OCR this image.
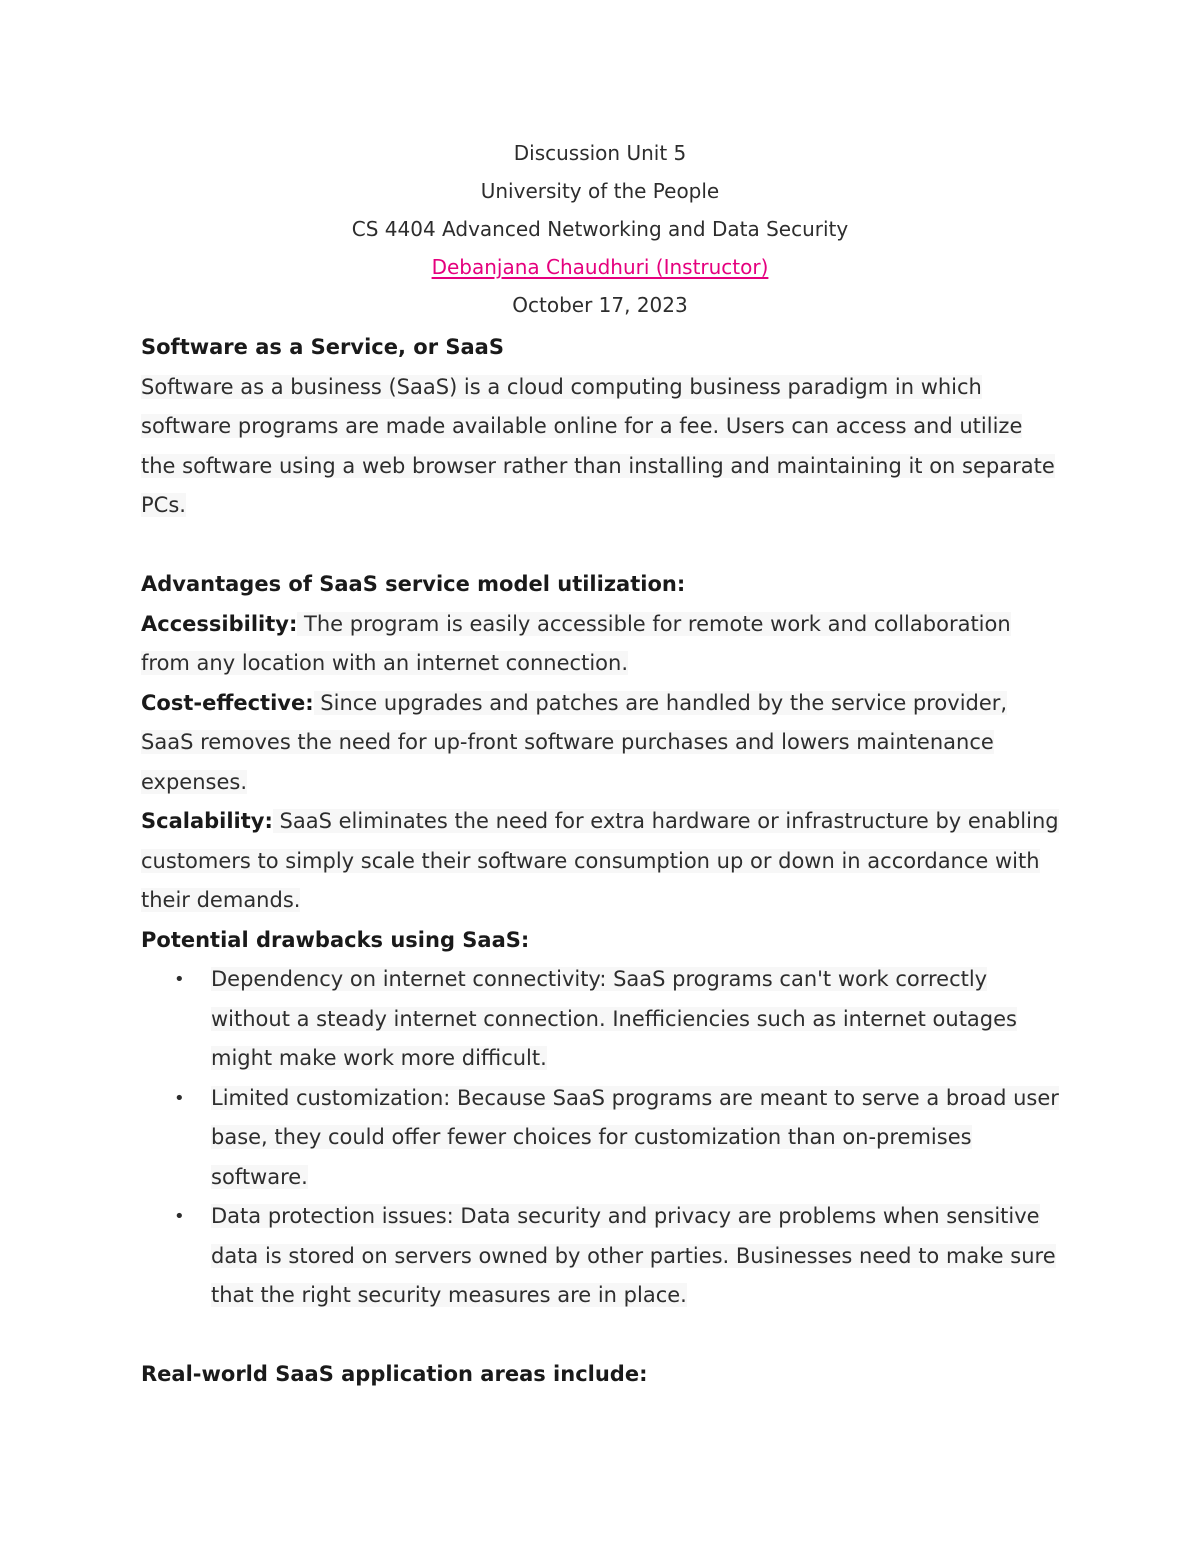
Discussion Unit 5
University of the People
CS 4404 Advanced Networking and Data Security
Debanjana Chaudhuri (Instructor)
October 17, 2023

Software as a Service, or SaaS

Software as a business (SaaS) is a cloud computing business paradigm in which software programs are made available online for a fee. Users can access and utilize the software using a web browser rather than installing and maintaining it on separate PCs.

Advantages of SaaS service model utilization:

Accessibility: The program is easily accessible for remote work and collaboration from any location with an internet connection.

Cost-effective: Since upgrades and patches are handled by the service provider, SaaS removes the need for up-front software purchases and lowers maintenance expenses.

Scalability: SaaS eliminates the need for extra hardware or infrastructure by enabling customers to simply scale their software consumption up or down in accordance with their demands.

Potential drawbacks using SaaS:

• Dependency on internet connectivity: SaaS programs can't work correctly without a steady internet connection. Inefficiencies such as internet outages might make work more difficult.
• Limited customization: Because SaaS programs are meant to serve a broad user base, they could offer fewer choices for customization than on-premises software.
• Data protection issues: Data security and privacy are problems when sensitive data is stored on servers owned by other parties. Businesses need to make sure that the right security measures are in place.

Real-world SaaS application areas include:
